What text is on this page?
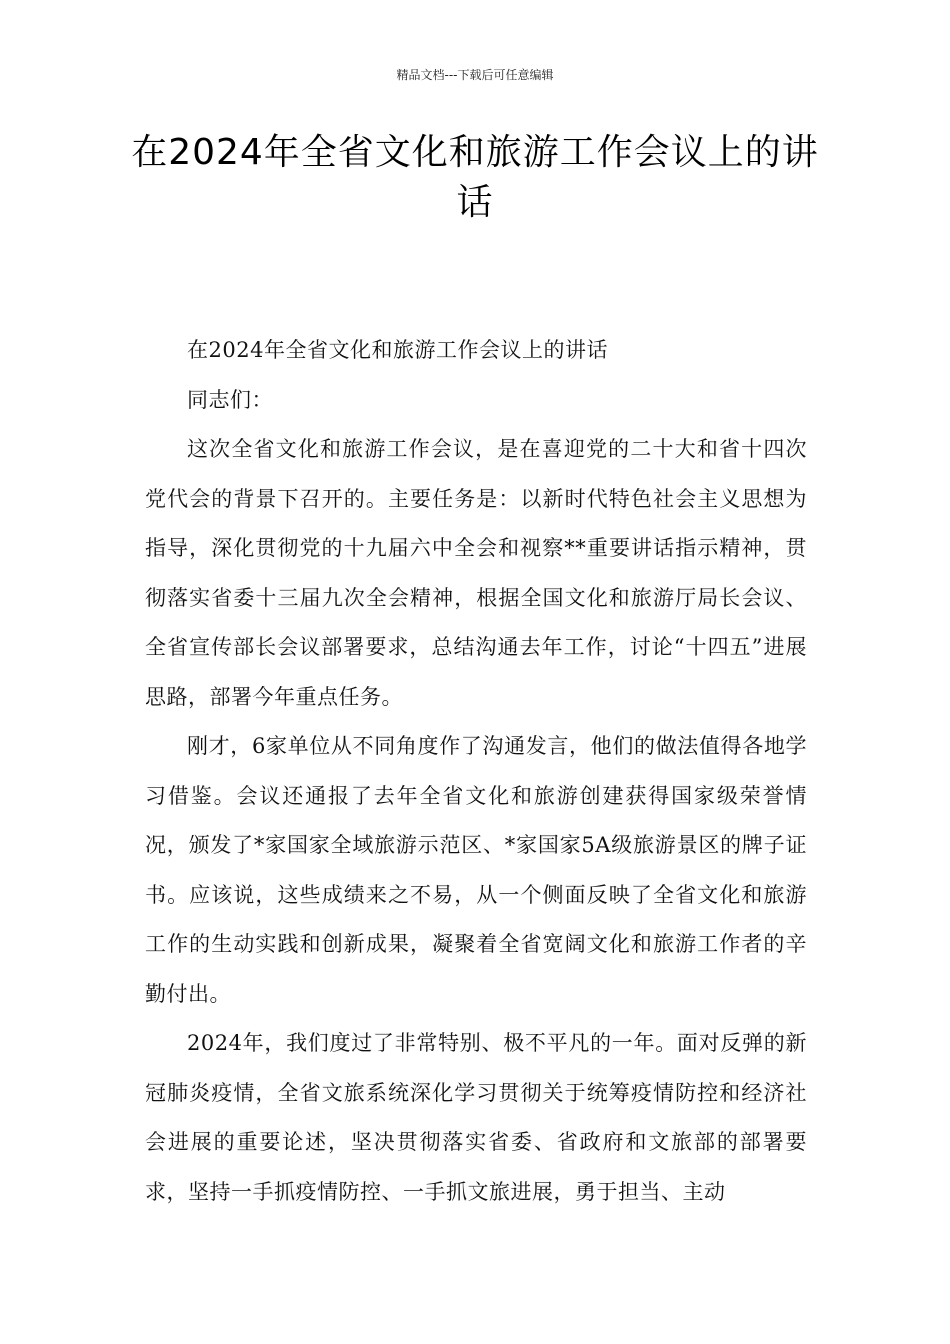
精品文档---下载后可任意编辑
在2024年全省文化和旅游工作会议上的讲话

在2024年全省文化和旅游工作会议上的讲话

同志们：

这次全省文化和旅游工作会议，是在喜迎党的二十大和省十四次党代会的背景下召开的。主要任务是：以新时代特色社会主义思想为指导，深化贯彻党的十九届六中全会和视察**重要讲话指示精神，贯彻落实省委十三届九次全会精神，根据全国文化和旅游厅局长会议、全省宣传部长会议部署要求，总结沟通去年工作，讨论“十四五”进展思路，部署今年重点任务。

刚才，6家单位从不同角度作了沟通发言，他们的做法值得各地学习借鉴。会议还通报了去年全省文化和旅游创建获得国家级荣誉情况，颁发了*家国家全域旅游示范区、*家国家5A级旅游景区的牌子证书。应该说，这些成绩来之不易，从一个侧面反映了全省文化和旅游工作的生动实践和创新成果，凝聚着全省宽阔文化和旅游工作者的辛勤付出。

2024年，我们度过了非常特别、极不平凡的一年。面对反弹的新冠肺炎疫情，全省文旅系统深化学习贯彻关于统筹疫情防控和经济社会进展的重要论述，坚决贯彻落实省委、省政府和文旅部的部署要求，坚持一手抓疫情防控、一手抓文旅进展，勇于担当、主动
